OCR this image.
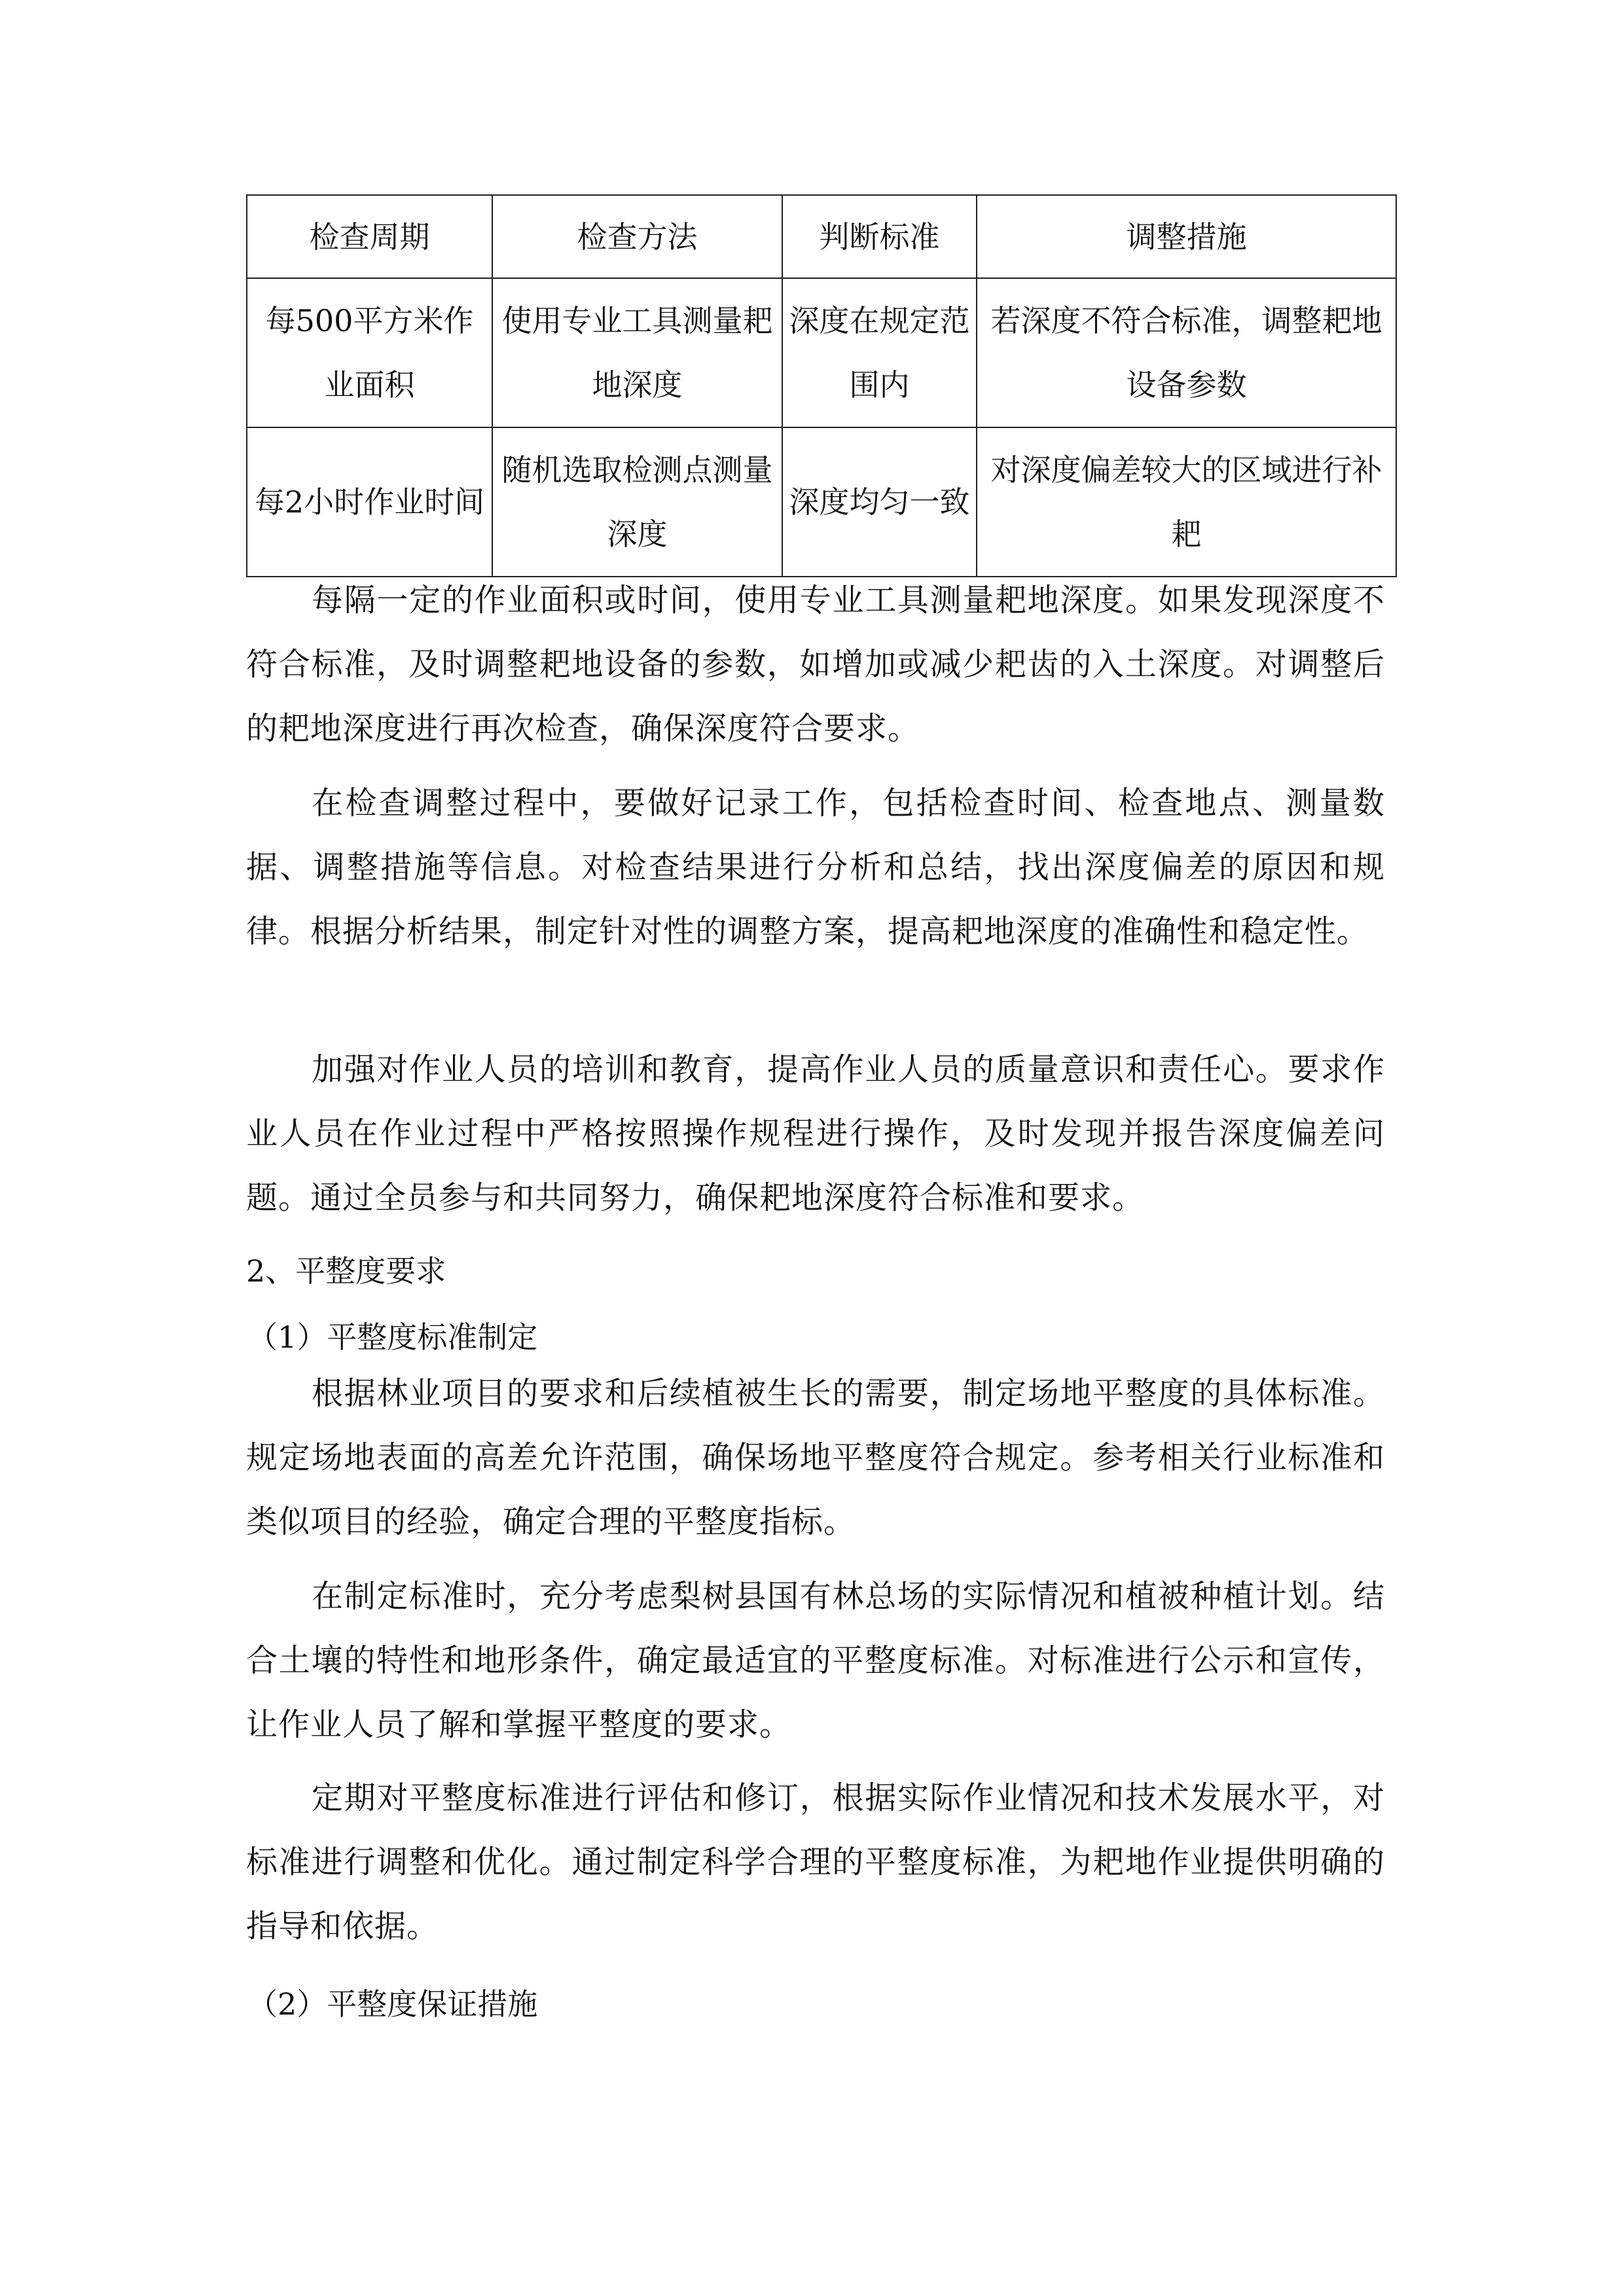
检查周期	检查方法	判断标准	调整措施
每500平方米作业面积	使用专业工具测量耙地深度	深度在规定范围内	若深度不符合标准，调整耙地设备参数
每2小时作业时间	随机选取检测点测量深度	深度均匀一致	对深度偏差较大的区域进行补耙

每隔一定的作业面积或时间，使用专业工具测量耙地深度。如果发现深度不符合标准，及时调整耙地设备的参数，如增加或减少耙齿的入土深度。对调整后的耙地深度进行再次检查，确保深度符合要求。

在检查调整过程中，要做好记录工作，包括检查时间、检查地点、测量数据、调整措施等信息。对检查结果进行分析和总结，找出深度偏差的原因和规律。根据分析结果，制定针对性的调整方案，提高耙地深度的准确性和稳定性。

加强对作业人员的培训和教育，提高作业人员的质量意识和责任心。要求作业人员在作业过程中严格按照操作规程进行操作，及时发现并报告深度偏差问题。通过全员参与和共同努力，确保耙地深度符合标准和要求。

2、平整度要求

（1）平整度标准制定

根据林业项目的要求和后续植被生长的需要，制定场地平整度的具体标准。规定场地表面的高差允许范围，确保场地平整度符合规定。参考相关行业标准和类似项目的经验，确定合理的平整度指标。

在制定标准时，充分考虑梨树县国有林总场的实际情况和植被种植计划。结合土壤的特性和地形条件，确定最适宜的平整度标准。对标准进行公示和宣传，让作业人员了解和掌握平整度的要求。

定期对平整度标准进行评估和修订，根据实际作业情况和技术发展水平，对标准进行调整和优化。通过制定科学合理的平整度标准，为耙地作业提供明确的指导和依据。

（2）平整度保证措施
